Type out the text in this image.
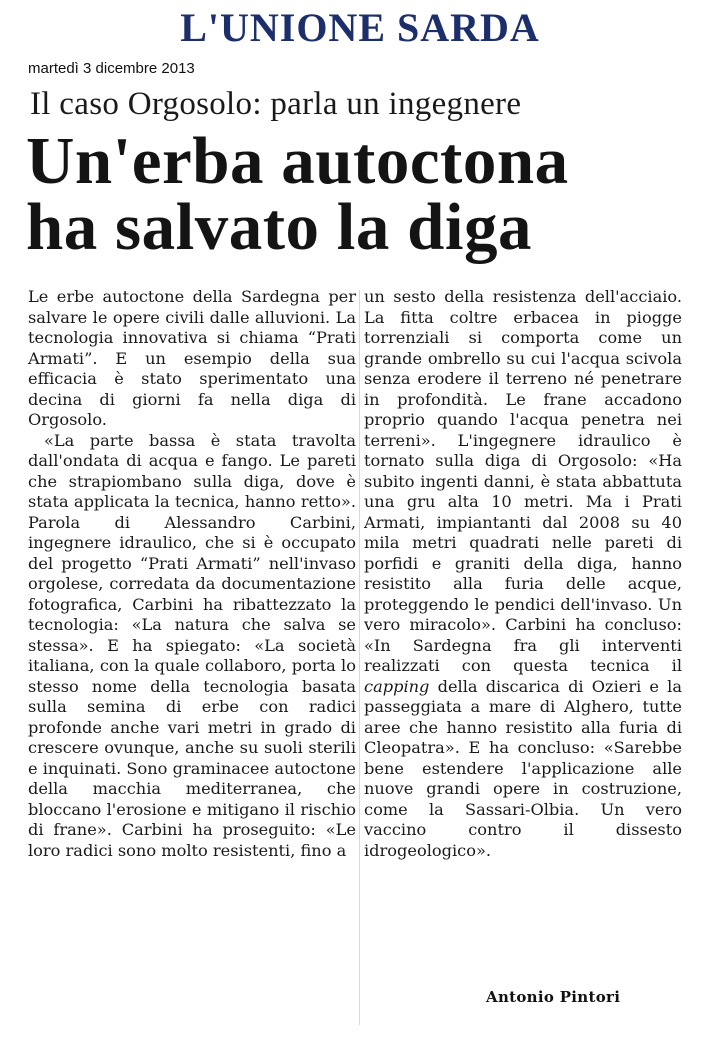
L'UNIONE SARDA
martedì 3 dicembre 2013
Il caso Orgosolo: parla un ingegnere
Un'erba autoctona
ha salvato la diga

Le erbe autoctone della Sardegna per salvare le opere civili dalle alluvioni. La tecnologia innovativa si chiama “Prati Armati”. E un esempio della sua efficacia è stato sperimentato una decina di giorni fa nella diga di Orgosolo.

«La parte bassa è stata travolta dall'ondata di acqua e fango. Le pareti che strapiombano sulla diga, dove è stata applicata la tecnica, hanno retto». Parola di Alessandro Carbini, ingegnere idraulico, che si è occupato del progetto “Prati Armati” nell'invaso orgolese, corredata da documentazione fotografica, Carbini ha ribattezzato la tecnologia: «La natura che salva se stessa». E ha spiegato: «La società italiana, con la quale collaboro, porta lo stesso nome della tecnologia basata sulla semina di erbe con radici profonde anche vari metri in grado di crescere ovunque, anche su suoli sterili e inquinati. Sono graminacee autoctone della macchia mediterranea, che bloccano l'erosione e mitigano il rischio di frane». Carbini ha proseguito: «Le loro radici sono molto resistenti, fino a

un sesto della resistenza dell'acciaio. La fitta coltre erbacea in piogge torrenziali si comporta come un grande ombrello su cui l'acqua scivola senza erodere il terreno né penetrare in profondità. Le frane accadono proprio quando l'acqua penetra nei terreni». L'ingegnere idraulico è tornato sulla diga di Orgosolo: «Ha subito ingenti danni, è stata abbattuta una gru alta 10 metri. Ma i Prati Armati, impiantanti dal 2008 su 40 mila metri quadrati nelle pareti di porfidi e graniti della diga, hanno resistito alla furia delle acque, proteggendo le pendici dell'invaso. Un vero miracolo». Carbini ha concluso: «In Sardegna fra gli interventi realizzati con questa tecnica il capping della discarica di Ozieri e la passeggiata a mare di Alghero, tutte aree che hanno resistito alla furia di Cleopatra». E ha concluso: «Sarebbe bene estendere l'applicazione alle nuove grandi opere in costruzione, come la Sassari-Olbia. Un vero vaccino contro il dissesto idrogeologico».

Antonio Pintori
